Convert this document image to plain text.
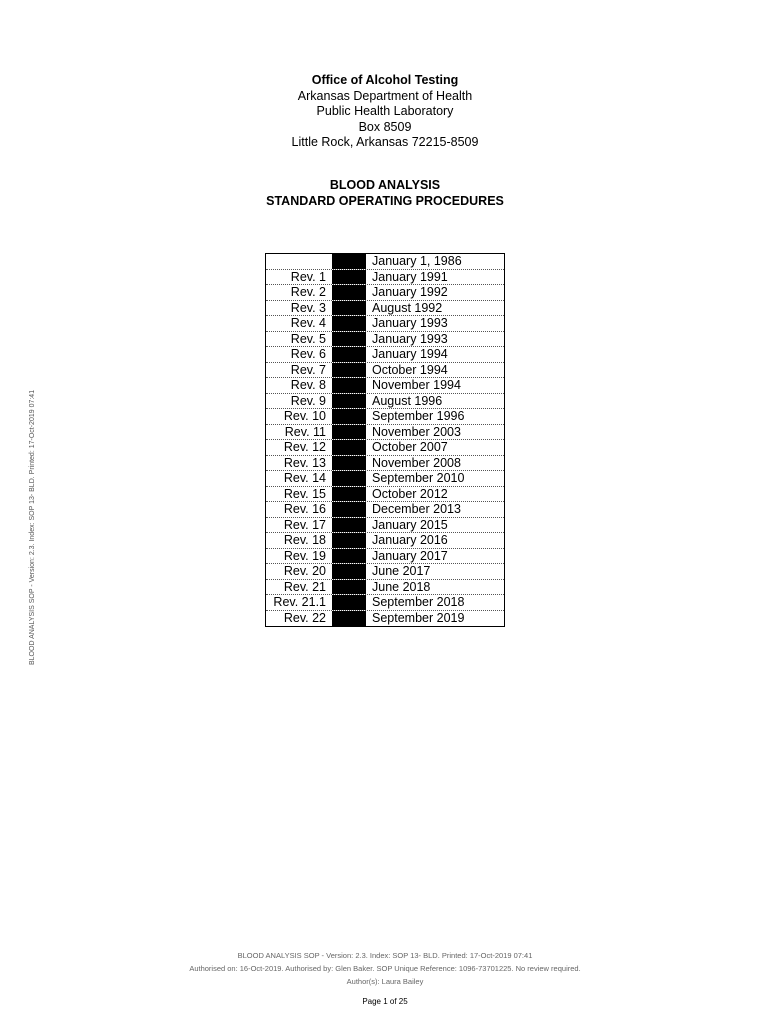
Office of Alcohol Testing
Arkansas Department of Health
Public Health Laboratory
Box 8509
Little Rock, Arkansas 72215-8509
BLOOD ANALYSIS
STANDARD OPERATING PROCEDURES
January 1, 1986
Rev. 1	January 1991
Rev. 2	January 1992
Rev. 3	August 1992
Rev. 4	January 1993
Rev. 5	January 1993
Rev. 6	January 1994
Rev. 7	October 1994
Rev. 8	November 1994
Rev. 9	August 1996
Rev. 10	September 1996
Rev. 11	November 2003
Rev. 12	October 2007
Rev. 13	November 2008
Rev. 14	September 2010
Rev. 15	October 2012
Rev. 16	December 2013
Rev. 17	January 2015
Rev. 18	January 2016
Rev. 19	January 2017
Rev. 20	June 2017
Rev. 21	June 2018
Rev. 21.1	September 2018
Rev. 22	September 2019
BLOOD ANALYSIS SOP - Version: 2.3. Index: SOP 13- BLD. Printed: 17-Oct-2019 07:41
BLOOD ANALYSIS SOP - Version: 2.3. Index: SOP 13- BLD. Printed: 17-Oct-2019 07:41
Authorised on: 16-Oct-2019. Authorised by: Glen Baker. SOP Unique Reference: 1096-73701225. No review required.
Author(s): Laura Bailey
Page 1 of 25
